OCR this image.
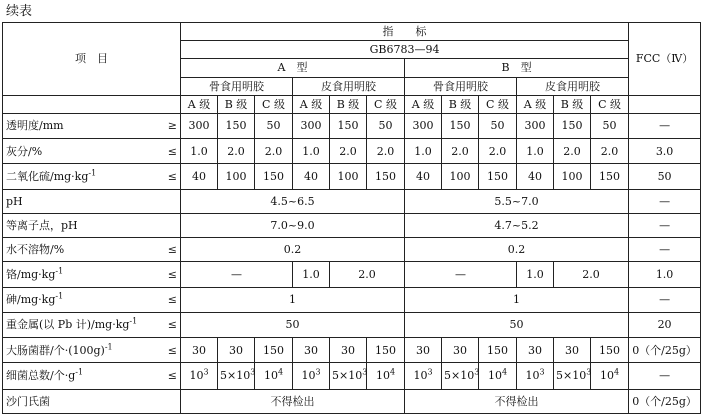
续表
项　目		指　　标												FCC（Ⅳ）
		GB6783—94												
		A　型						B　型						
		骨食用明胶			皮食用明胶			骨食用明胶			皮食用明胶			
		A 级	B 级	C 级	A 级	B 级	C 级	A 级	B 级	C 级	A 级	B 级	C 级	
透明度/mm	≥	300	150	50	300	150	50	300	150	50	300	150	50	—
灰分/%	≤	1.0	2.0	2.0	1.0	2.0	2.0	1.0	2.0	2.0	1.0	2.0	2.0	3.0
二氧化硫$/mg\cdot kg^{-1}$	≤	40	100	150	40	100	150	40	100	150	40	100	150	50
pH		4.5~6.5						5.5~7.0						—
等离子点，pH		7.0~9.0						4.7~5.2						—
水不溶物/%	≤	0.2						0.2						—
铬$/mg\cdot kg^{-1}$	≤	—			1.0	2.0		—			1.0	2.0		1.0
砷$/mg\cdot kg^{-1}$	≤	1						1						—
重金属(以 Pb 计)$/mg\cdot kg^{-1}$	≤	50						50						20
大肠菌群/个$\cdot(100g)^{-1}$	≤	30	30	150	30	30	150	30	30	150	30	30	150	0（个/25g）
细菌总数/个$\cdot g^{-1}$	≤	$10^3$	$5\times 10^3$	$10^4$	$10^3$	$5\times 10^3$	$10^4$	$10^3$	$5\times 10^3$	$10^4$	$10^3$	$5\times 10^3$	$10^4$	—
沙门氏菌		不得检出						不得检出						0（个/25g）
